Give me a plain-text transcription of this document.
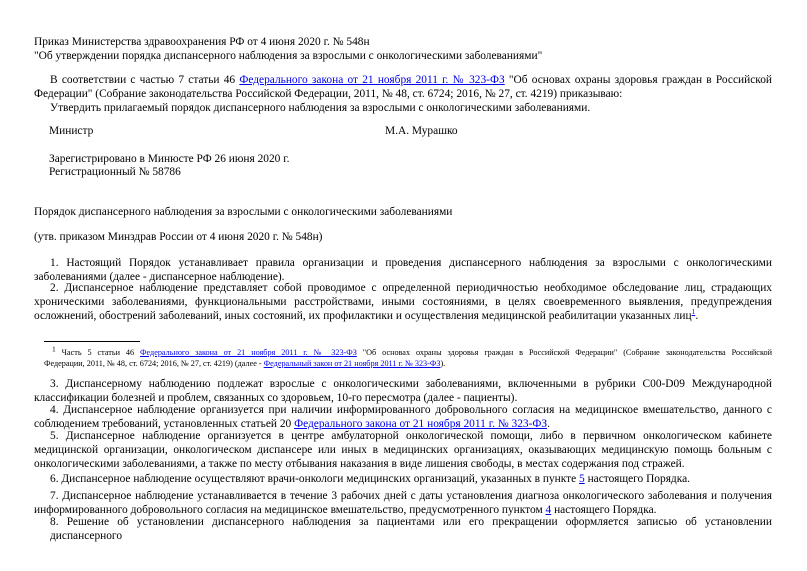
Приказ Министерства здравоохранения РФ от 4 июня 2020 г. № 548н
"Об утверждении порядка диспансерного наблюдения за взрослыми с онкологическими заболеваниями"

В соответствии с частью 7 статьи 46 Федерального закона от 21 ноября 2011 г. № 323-ФЗ "Об основах охраны здоровья граждан в Российской
Федерации" (Собрание законодательства Российской Федерации, 2011, № 48, ст. 6724; 2016, № 27, ст. 4219) приказываю:
Утвердить прилагаемый порядок диспансерного наблюдения за взрослыми с онкологическими заболеваниями.

Министр	М.А. Мурашко

Зарегистрировано в Минюсте РФ 26 июня 2020 г.

Регистрационный № 58786

Порядок диспансерного наблюдения за взрослыми с онкологическими заболеваниями

(утв. приказом Минздрав России от 4 июня 2020 г. № 548н)

1. Настоящий Порядок устанавливает правила организации и проведения диспансерного наблюдения за взрослыми с онкологическими
заболеваниями (далее - диспансерное наблюдение).

2. Диспансерное наблюдение представляет собой проводимое с определенной периодичностью необходимое обследование лиц, страдающих
хроническими заболеваниями, функциональными расстройствами, иными состояниями, в целях своевременного выявления, предупреждения
осложнений, обострений заболеваний, иных состояний, их профилактики и осуществления медицинской реабилитации указанных лиц$^1$.

$^1$ Часть 5 статьи 46 Федерального закона от 21 ноября 2011 г. № 323-ФЗ "Об основах охраны здоровья граждан в Российской Федерации" (Собрание законодательства Российской
Федерации, 2011, № 48, ст. 6724; 2016, № 27, ст. 4219) (далее - Федеральный закон от 21 ноября 2011 г. № 323-ФЗ).

3. Диспансерному наблюдению подлежат взрослые с онкологическими заболеваниями, включенными в рубрики C00-D09 Международной
классификации болезней и проблем, связанных со здоровьем, 10-го пересмотра (далее - пациенты).

4. Диспансерное наблюдение организуется при наличии информированного добровольного согласия на медицинское вмешательство, данного с
соблюдением требований, установленных статьей 20 Федерального закона от 21 ноября 2011 г. № 323-ФЗ.

5. Диспансерное наблюдение организуется в центре амбулаторной онкологической помощи, либо в первичном онкологическом кабинете
медицинской организации, онкологическом диспансере или иных в медицинских организациях, оказывающих медицинскую помощь больным с
онкологическими заболеваниями, а также по месту отбывания наказания в виде лишения свободы, в местах содержания под стражей.

6. Диспансерное наблюдение осуществляют врачи-онкологи медицинских организаций, указанных в пункте 5 настоящего Порядка.

7. Диспансерное наблюдение устанавливается в течение 3 рабочих дней с даты установления диагноза онкологического заболевания и получения
информированного добровольного согласия на медицинское вмешательство, предусмотренного пунктом 4 настоящего Порядка.

8. Решение об установлении диспансерного наблюдения за пациентами или его прекращении оформляется записью об установлении диспансерного
